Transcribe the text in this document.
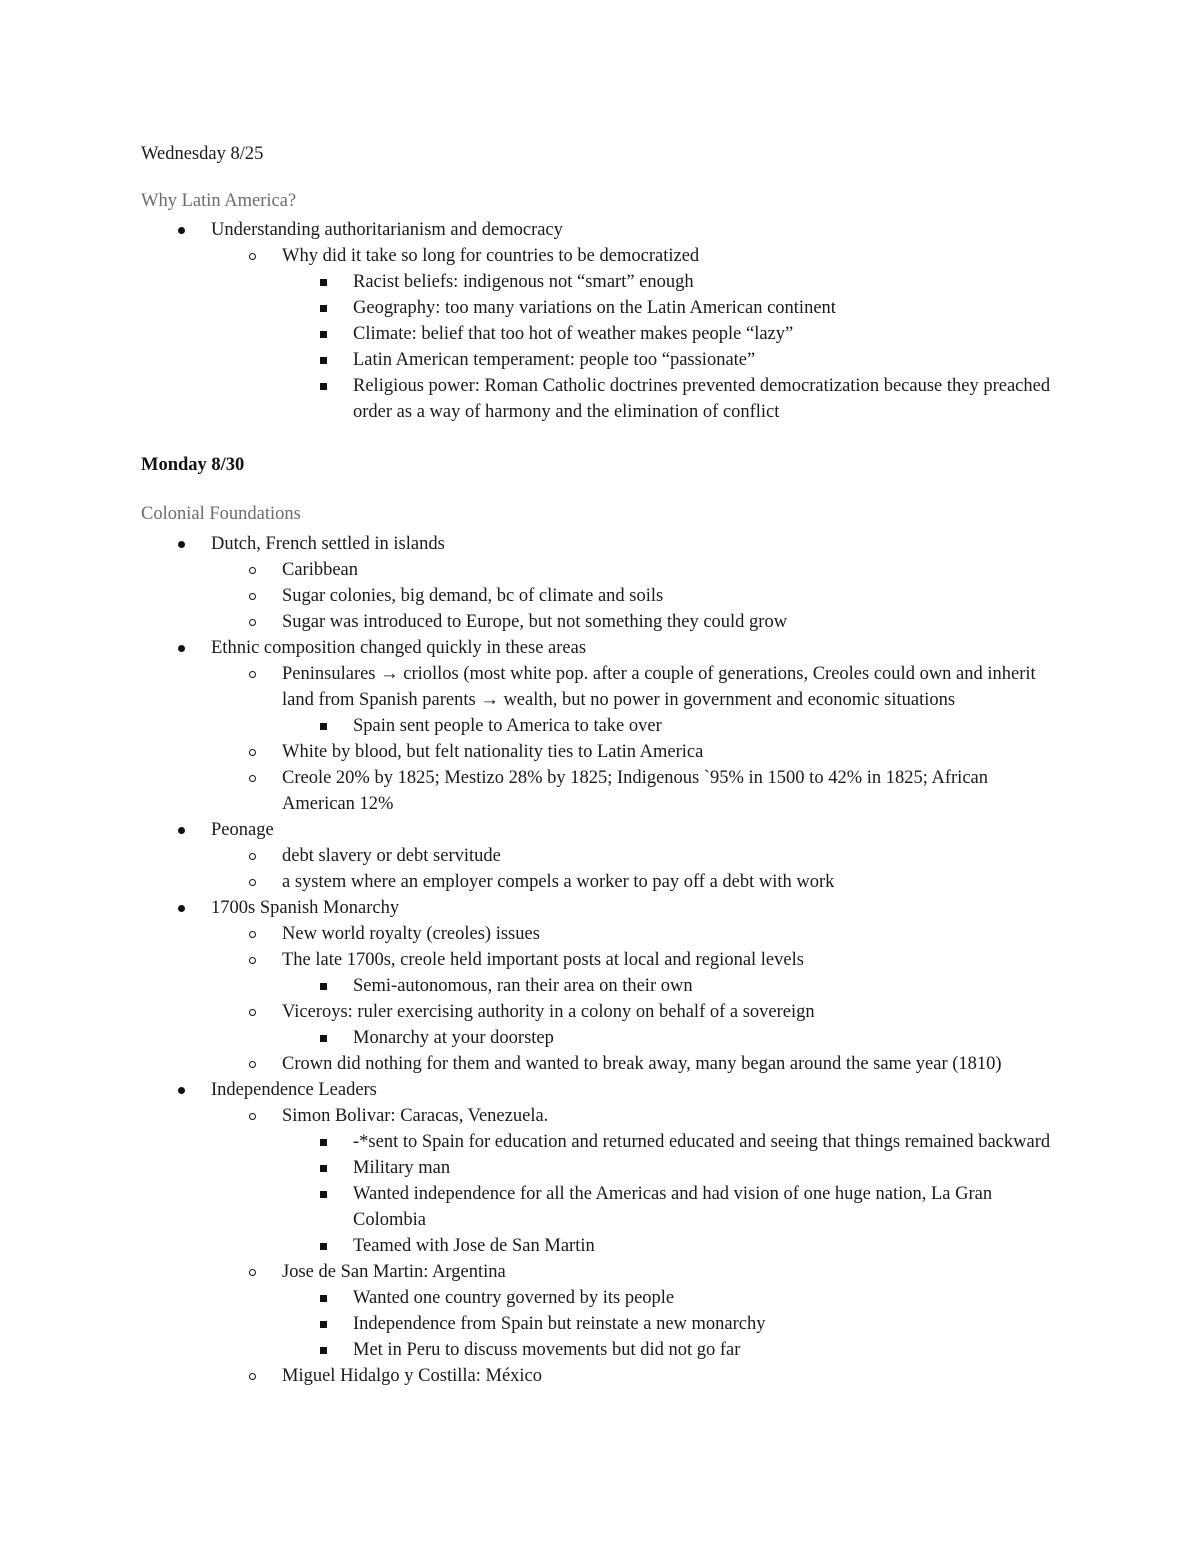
Wednesday 8/25
Why Latin America?
Understanding authoritarianism and democracy
Why did it take so long for countries to be democratized
Racist beliefs: indigenous not “smart” enough
Geography: too many variations on the Latin American continent
Climate: belief that too hot of weather makes people “lazy”
Latin American temperament: people too “passionate”
Religious power: Roman Catholic doctrines prevented democratization because they preached
order as a way of harmony and the elimination of conflict
Monday 8/30
Colonial Foundations
Dutch, French settled in islands
Caribbean
Sugar colonies, big demand, bc of climate and soils
Sugar was introduced to Europe, but not something they could grow
Ethnic composition changed quickly in these areas
Peninsulares → criollos (most white pop. after a couple of generations, Creoles could own and inherit
land from Spanish parents → wealth, but no power in government and economic situations
Spain sent people to America to take over
White by blood, but felt nationality ties to Latin America
Creole 20% by 1825; Mestizo 28% by 1825; Indigenous `95% in 1500 to 42% in 1825; African
American 12%
Peonage
debt slavery or debt servitude
a system where an employer compels a worker to pay off a debt with work
1700s Spanish Monarchy
New world royalty (creoles) issues
The late 1700s, creole held important posts at local and regional levels
Semi-autonomous, ran their area on their own
Viceroys: ruler exercising authority in a colony on behalf of a sovereign
Monarchy at your doorstep
Crown did nothing for them and wanted to break away, many began around the same year (1810)
Independence Leaders
Simon Bolivar: Caracas, Venezuela.
-*sent to Spain for education and returned educated and seeing that things remained backward
Military man
Wanted independence for all the Americas and had vision of one huge nation, La Gran
Colombia
Teamed with Jose de San Martin
Jose de San Martin: Argentina
Wanted one country governed by its people
Independence from Spain but reinstate a new monarchy
Met in Peru to discuss movements but did not go far
Miguel Hidalgo y Costilla: México
